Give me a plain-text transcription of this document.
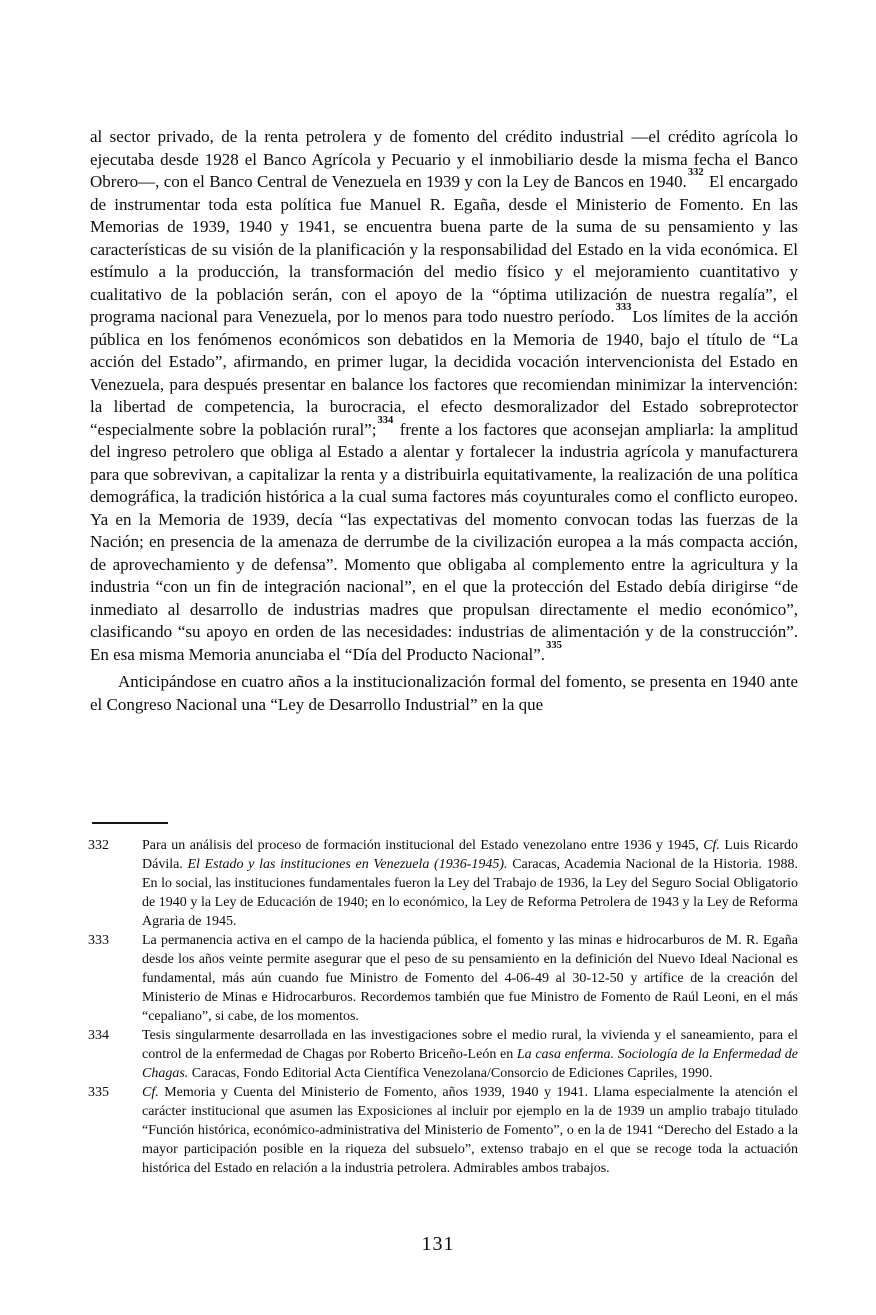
al sector privado, de la renta petrolera y de fomento del crédito industrial —el crédito agrícola lo ejecutaba desde 1928 el Banco Agrícola y Pecuario y el inmobiliario desde la misma fecha el Banco Obrero—, con el Banco Central de Venezuela en 1939 y con la Ley de Bancos en 1940.$^{332}$ El encargado de instrumentar toda esta política fue Manuel R. Egaña, desde el Ministerio de Fomento. En las Memorias de 1939, 1940 y 1941, se encuentra buena parte de la suma de su pensamiento y las características de su visión de la planificación y la responsabilidad del Estado en la vida económica. El estímulo a la producción, la transformación del medio físico y el mejoramiento cuantitativo y cualitativo de la población serán, con el apoyo de la “óptima utilización de nuestra regalía”, el programa nacional para Venezuela, por lo menos para todo nuestro período.$^{333}$Los límites de la acción pública en los fenómenos económicos son debatidos en la Memoria de 1940, bajo el título de “La acción del Estado”, afirmando, en primer lugar, la decidida vocación intervencionista del Estado en Venezuela, para después presentar en balance los factores que recomiendan minimizar la intervención: la libertad de competencia, la burocracia, el efecto desmoralizador del Estado sobreprotector “especialmente sobre la población rural”;$^{334}$ frente a los factores que aconsejan ampliarla: la amplitud del ingreso petrolero que obliga al Estado a alentar y fortalecer la industria agrícola y manufacturera para que sobrevivan, a capitalizar la renta y a distribuirla equitativamente, la realización de una política demográfica, la tradición histórica a la cual suma factores más coyunturales como el conflicto europeo. Ya en la Memoria de 1939, decía “las expectativas del momento convocan todas las fuerzas de la Nación; en presencia de la amenaza de derrumbe de la civilización europea a la más compacta acción, de aprovechamiento y de defensa”. Momento que obligaba al complemento entre la agricultura y la industria “con un fin de integración nacional”, en el que la protección del Estado debía dirigirse “de inmediato al desarrollo de industrias madres que propulsan directamente el medio económico”, clasificando “su apoyo en orden de las necesidades: industrias de alimentación y de la construcción”. En esa misma Memoria anunciaba el “Día del Producto Nacional”.$^{335}$

Anticipándose en cuatro años a la institucionalización formal del fomento, se presenta en 1940 ante el Congreso Nacional una “Ley de Desarrollo Industrial” en la que

332 Para un análisis del proceso de formación institucional del Estado venezolano entre 1936 y 1945, Cf. Luis Ricardo Dávila. El Estado y las instituciones en Venezuela (1936-1945). Caracas, Academia Nacional de la Historia. 1988. En lo social, las instituciones fundamentales fueron la Ley del Trabajo de 1936, la Ley del Seguro Social Obligatorio de 1940 y la Ley de Educación de 1940; en lo económico, la Ley de Reforma Petrolera de 1943 y la Ley de Reforma Agraria de 1945.
333 La permanencia activa en el campo de la hacienda pública, el fomento y las minas e hidrocarburos de M. R. Egaña desde los años veinte permite asegurar que el peso de su pensamiento en la definición del Nuevo Ideal Nacional es fundamental, más aún cuando fue Ministro de Fomento del 4-06-49 al 30-12-50 y artífice de la creación del Ministerio de Minas e Hidrocarburos. Recordemos también que fue Ministro de Fomento de Raúl Leoni, en el más “cepaliano”, si cabe, de los momentos.
334 Tesis singularmente desarrollada en las investigaciones sobre el medio rural, la vivienda y el saneamiento, para el control de la enfermedad de Chagas por Roberto Briceño-León en La casa enferma. Sociología de la Enfermedad de Chagas. Caracas, Fondo Editorial Acta Científica Venezolana/Consorcio de Ediciones Capriles, 1990.
335 Cf. Memoria y Cuenta del Ministerio de Fomento, años 1939, 1940 y 1941. Llama especialmente la atención el carácter institucional que asumen las Exposiciones al incluir por ejemplo en la de 1939 un amplio trabajo titulado “Función histórica, económico-administrativa del Ministerio de Fomento”, o en la de 1941 “Derecho del Estado a la mayor participación posible en la riqueza del subsuelo”, extenso trabajo en el que se recoge toda la actuación histórica del Estado en relación a la industria petrolera. Admirables ambos trabajos.
131
